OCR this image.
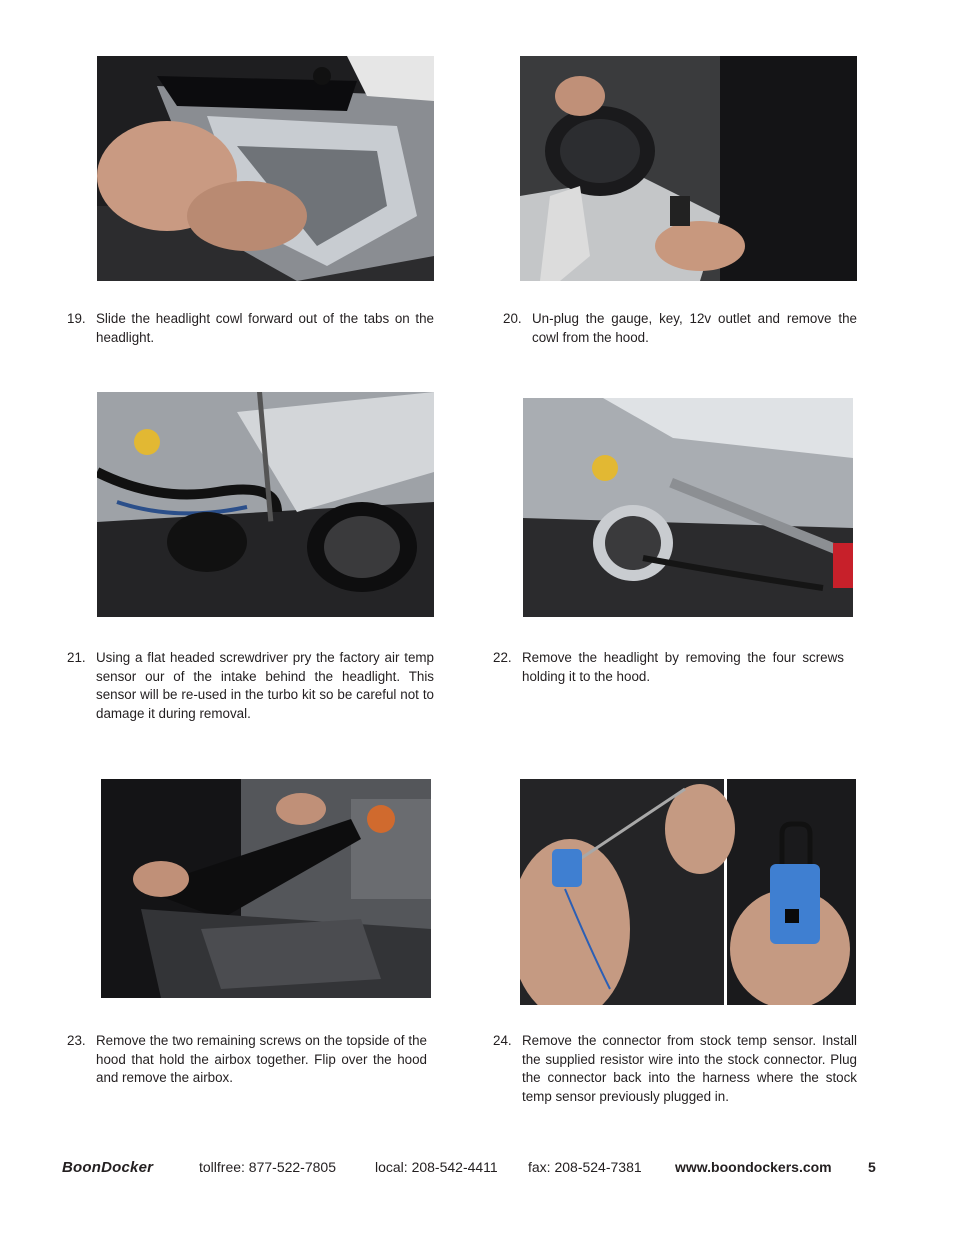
19. Slide the headlight cowl forward out of the tabs on the headlight.
20. Un-plug the gauge, key, 12v outlet and remove the cowl from the hood.
21. Using a flat headed screwdriver pry the factory air temp sensor our of the intake behind the headlight. This sensor will be re-used in the turbo kit so be careful not to damage it during removal.
22. Remove the headlight by removing the four screws holding it to the hood.
23. Remove the two remaining screws on the topside of the hood that hold the airbox together. Flip over the hood and remove the airbox.
24. Remove the connector from stock temp sensor. Install the supplied resistor wire into the stock connector. Plug the connector back into the harness where the stock temp sensor previously plugged in.
BoonDocker	tollfree: 877-522-7805	local: 208-542-4411 fax: 208-524-7381 www.boondockers.com	5
